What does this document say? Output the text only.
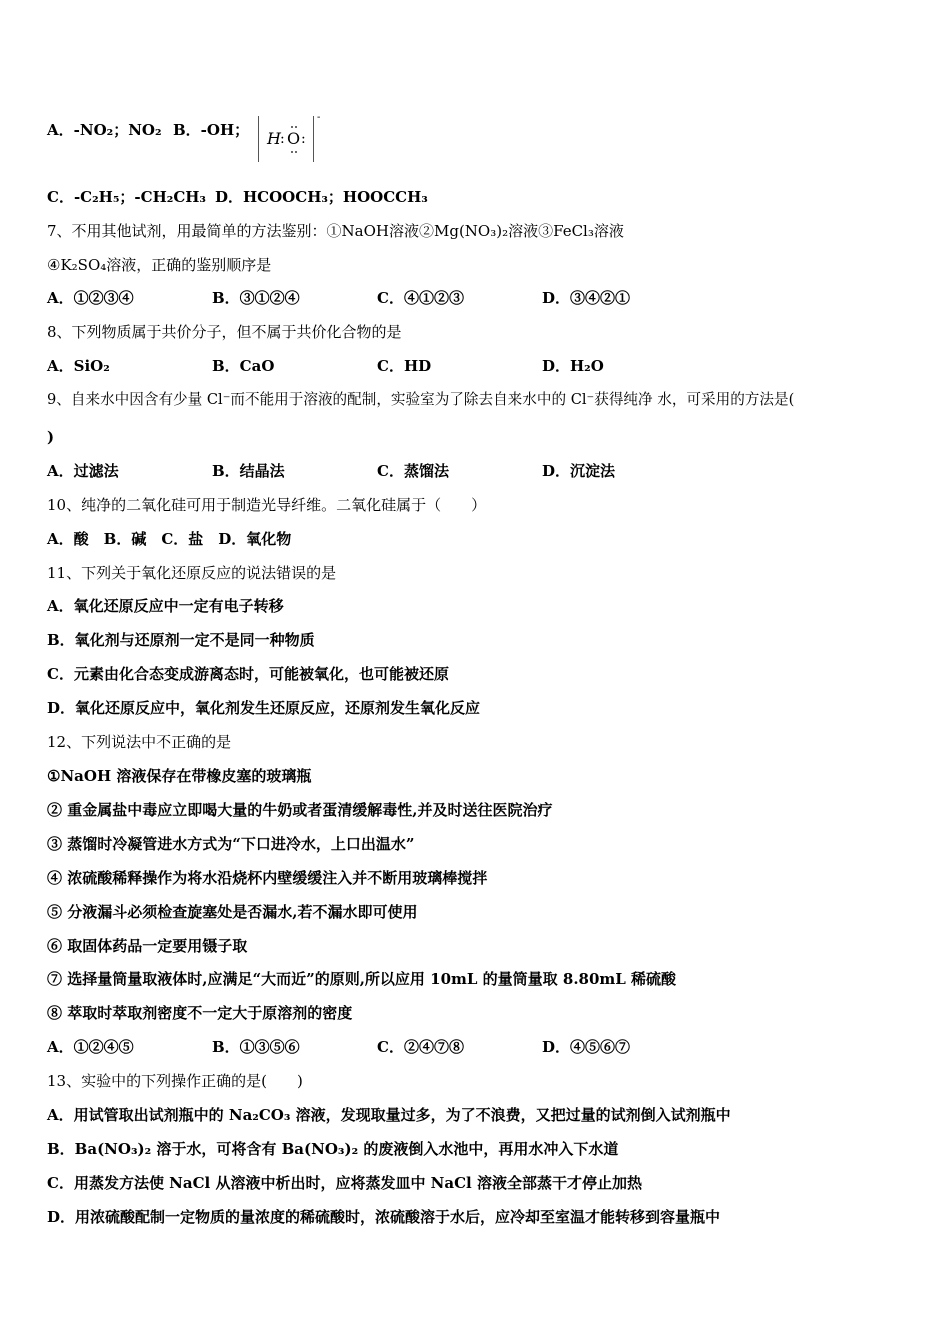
A．-NO₂；NO₂ B．-OH； H : O :
-
C．-C₂H₅；-CH₂CH₃ D．HCOOCH₃；HOOCCH₃
7、不用其他试剂，用最简单的方法鉴别：①NaOH溶液②Mg(NO₃)₂溶液③FeCl₃溶液
④K₂SO₄溶液，正确的鉴别顺序是
A．①②③④	B．③①②④	C．④①②③	D．③④②①
8、下列物质属于共价分子，但不属于共价化合物的是
A．SiO₂	B．CaO	C．HD	D．H₂O
9、自来水中因含有少量 Cl⁻而不能用于溶液的配制，实验室为了除去自来水中的 Cl⁻获得纯净 水，可采用的方法是(
)
A．过滤法	B．结晶法	C．蒸馏法	D．沉淀法
10、纯净的二氧化硅可用于制造光导纤维。二氧化硅属于（　　）
A．酸　B．碱　C．盐　D．氧化物
11、下列关于氧化还原反应的说法错误的是
A．氧化还原反应中一定有电子转移
B．氧化剂与还原剂一定不是同一种物质
C．元素由化合态变成游离态时，可能被氧化，也可能被还原
D．氧化还原反应中，氧化剂发生还原反应，还原剂发生氧化反应
12、下列说法中不正确的是
①NaOH 溶液保存在带橡皮塞的玻璃瓶
② 重金属盐中毒应立即喝大量的牛奶或者蛋清缓解毒性,并及时送往医院治疗
③ 蒸馏时冷凝管进水方式为“下口进冷水，上口出温水”
④ 浓硫酸稀释操作为将水沿烧杯内壁缓缓注入并不断用玻璃棒搅拌
⑤ 分液漏斗必须检查旋塞处是否漏水,若不漏水即可使用
⑥ 取固体药品一定要用镊子取
⑦ 选择量筒量取液体时,应满足“大而近”的原则,所以应用 10mL 的量筒量取 8.80mL 稀硫酸
⑧ 萃取时萃取剂密度不一定大于原溶剂的密度
A．①②④⑤	B．①③⑤⑥	C．②④⑦⑧	D．④⑤⑥⑦
13、实验中的下列操作正确的是(　　)
A．用试管取出试剂瓶中的 Na₂CO₃ 溶液，发现取量过多，为了不浪费，又把过量的试剂倒入试剂瓶中
B．Ba(NO₃)₂ 溶于水，可将含有 Ba(NO₃)₂ 的废液倒入水池中，再用水冲入下水道
C．用蒸发方法使 NaCl 从溶液中析出时，应将蒸发皿中 NaCl 溶液全部蒸干才停止加热
D．用浓硫酸配制一定物质的量浓度的稀硫酸时，浓硫酸溶于水后，应冷却至室温才能转移到容量瓶中
